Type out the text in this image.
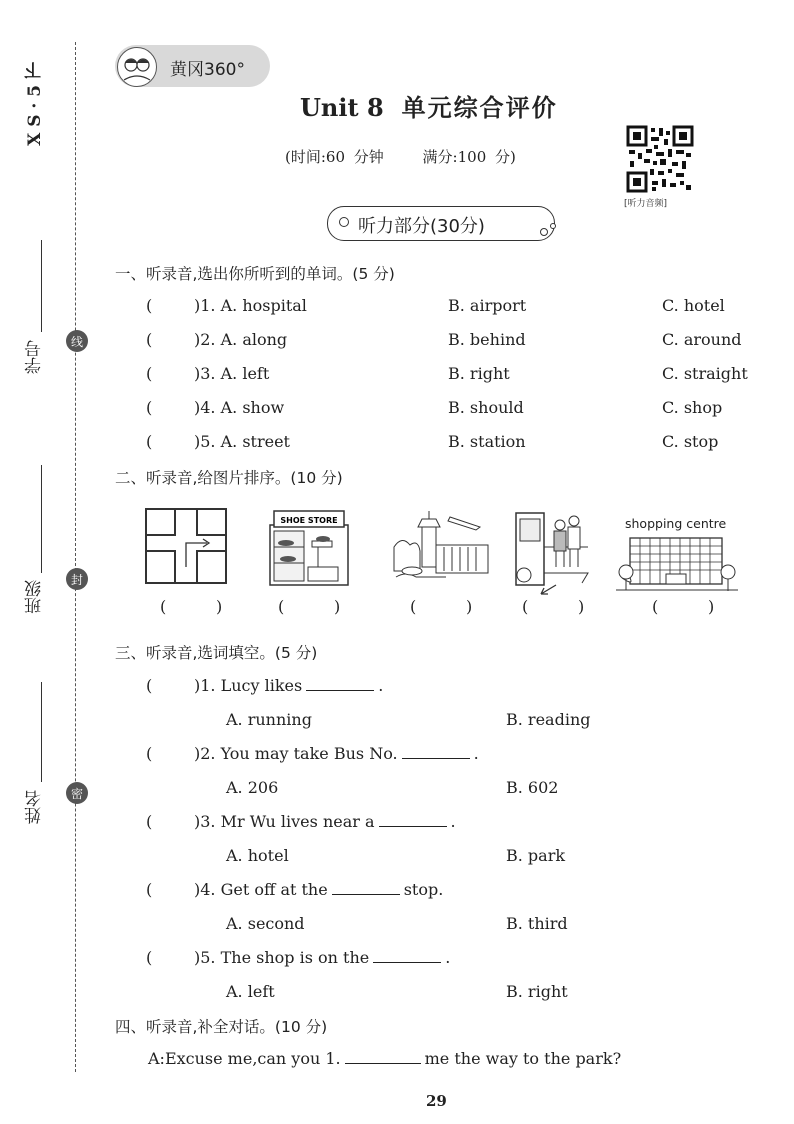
X S · 5 下
学号
班级
姓名
线
封
密
黄冈360°
Unit 8 单元综合评价
(时间:60 分钟	满分:100 分)
[听力音频]
听力部分(30分)
一、听录音,选出你所听到的单词。(5 分)
(	)1. A. hospital	B. airport	C. hotel
(	)2. A. along	B. behind	C. around
(	)3. A. left	B. right	C. straight
(	)4. A. show	B. should	C. shop
(	)5. A. street	B. station	C. stop
二、听录音,给图片排序。(10 分)
SHOE STORE	shopping centre
(	)	(	)	(	)	(	)	(	)
三、听录音,选词填空。(5 分)
(	)1. Lucy likes	.
A. running	B. reading
(	)2. You may take Bus No.	.
A. 206	B. 602
(	)3. Mr Wu lives near a	.
A. hotel	B. park
(	)4. Get off at the	stop.
A. second	B. third
(	)5. The shop is on the	.
A. left	B. right
四、听录音,补全对话。(10 分)
A:Excuse me,can you 1.	me the way to the park?
29
